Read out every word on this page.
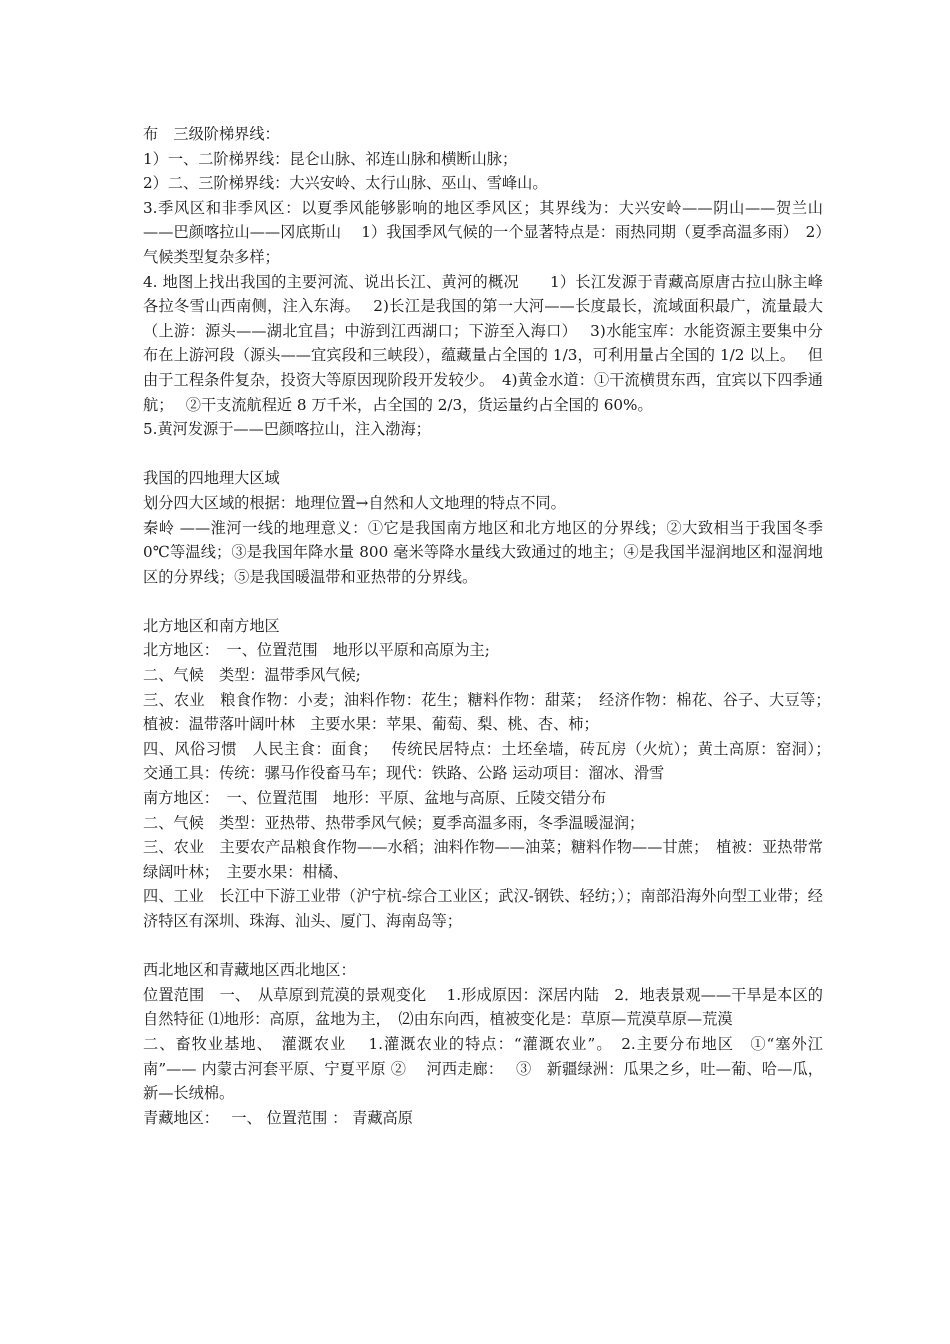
布　三级阶梯界线：

1）一、二阶梯界线：昆仑山脉、祁连山脉和横断山脉；

2）二、三阶梯界线：大兴安岭、太行山脉、巫山、雪峰山。

3.季风区和非季风区：以夏季风能够影响的地区季风区；其界线为：大兴安岭——阴山——贺兰山——巴颜喀拉山——冈底斯山　 1）我国季风气候的一个显著特点是：雨热同期（夏季高温多雨）　2）气候类型复杂多样；

4. 地图上找出我国的主要河流、说出长江、黄河的概况　　1）长江发源于青藏高原唐古拉山脉主峰各拉冬雪山西南侧，注入东海。　 2)长江是我国的第一大河——长度最长，流域面积最广，流量最大（上游：源头——湖北宜昌；中游到江西湖口；下游至入海口）　 3)水能宝库：水能资源主要集中分布在上游河段（源头——宜宾段和三峡段），蕴藏量占全国的 1/3，可利用量占全国的 1/2 以上。　 但由于工程条件复杂，投资大等原因现阶段开发较少。　4)黄金水道：①干流横贯东西，宜宾以下四季通航；　 ②干支流航程近 8 万千米，占全国的 2/3，货运量约占全国的 60%。

5.黄河发源于——巴颜喀拉山，注入渤海；

我国的四地理大区域

划分四大区域的根据：地理位置→自然和人文地理的特点不同。

秦岭 ——淮河一线的地理意义：①它是我国南方地区和北方地区的分界线；②大致相当于我国冬季 0℃等温线；③是我国年降水量 800 毫米等降水量线大致通过的地主；④是我国半湿润地区和湿润地区的分界线；⑤是我国暖温带和亚热带的分界线。

北方地区和南方地区

北方地区：　一、位置范围　地形以平原和高原为主;

二、气候　类型：温带季风气候;

三、农业　粮食作物：小麦；油料作物：花生；糖料作物：甜菜；　经济作物：棉花、谷子、大豆等；　植被：温带落叶阔叶林　主要水果：苹果、葡萄、梨、桃、杏、柿；

四、风俗习惯　人民主食：面食；　 传统民居特点：土坯垒墙，砖瓦房（火炕）；黄土高原：窑洞）；　交通工具：传统：骡马作役畜马车；现代：铁路、公路 运动项目：溜冰、滑雪

南方地区：　一、位置范围　地形：平原、盆地与高原、丘陵交错分布

二、气候　类型：亚热带、热带季风气候；夏季高温多雨，冬季温暖湿润；

三、农业　主要农产品粮食作物——水稻；油料作物——油菜；糖料作物——甘蔗；　植被：亚热带常绿阔叶林；　主要水果：柑橘、

四、工业　长江中下游工业带（沪宁杭-综合工业区；武汉-钢铁、轻纺；）；南部沿海外向型工业带；经济特区有深圳、珠海、汕头、厦门、海南岛等；

西北地区和青藏地区西北地区：

位置范围　一、　从草原到荒漠的景观变化　 1.形成原因：深居内陆　2．地表景观——干旱是本区的自然特征 ⑴地形：高原，盆地为主，　⑵由东向西，植被变化是：草原—荒漠草原—荒漠

二、畜牧业基地、　灌溉农业　 1.灌溉农业的特点：“灌溉农业”。　2.主要分布地区　①“塞外江南”—— 内蒙古河套平原、宁夏平原 ②　 河西走廊：　 ③　新疆绿洲：瓜果之乡，吐—葡、哈—瓜，新—长绒棉。

青藏地区：　 一、 位置范围 ： 青藏高原
